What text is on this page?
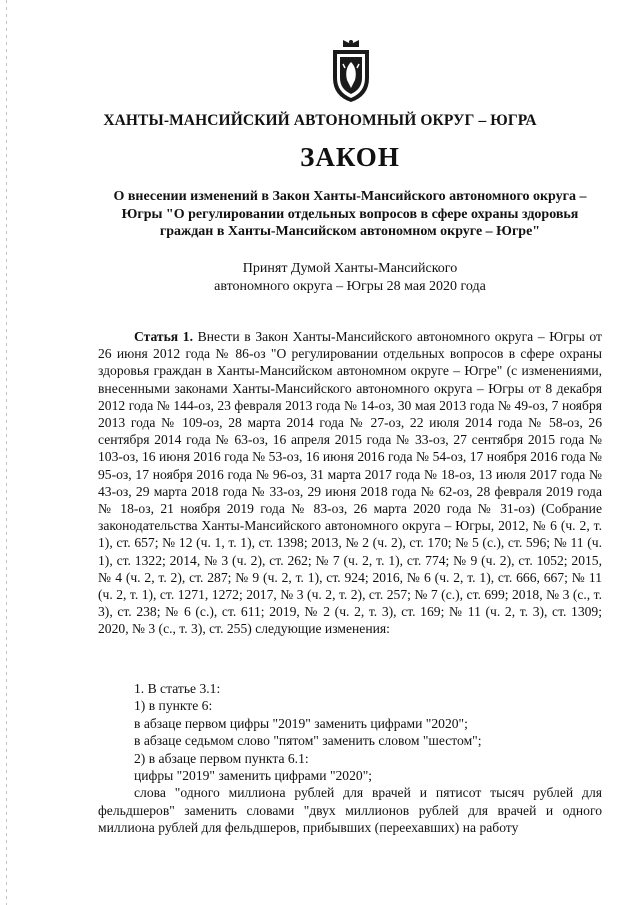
ХАНТЫ-МАНСИЙСКИЙ АВТОНОМНЫЙ ОКРУГ – ЮГРА
ЗАКОН
О внесении изменений в Закон Ханты-Мансийского автономного округа – Югры "О регулировании отдельных вопросов в сфере охраны здоровья граждан в Ханты-Мансийском автономном округе – Югре"
Принят Думой Ханты-Мансийского
автономного округа – Югры 28 мая 2020 года
Статья 1. Внести в Закон Ханты-Мансийского автономного округа – Югры от 26 июня 2012 года № 86-оз "О регулировании отдельных вопросов в сфере охраны здоровья граждан в Ханты-Мансийском автономном округе – Югре" (с изменениями, внесенными законами Ханты-Мансийского автономного округа – Югры от 8 декабря 2012 года № 144-оз, 23 февраля 2013 года № 14-оз, 30 мая 2013 года № 49-оз, 7 ноября 2013 года № 109-оз, 28 марта 2014 года № 27-оз, 22 июля 2014 года № 58-оз, 26 сентября 2014 года № 63-оз, 16 апреля 2015 года № 33-оз, 27 сентября 2015 года № 103-оз, 16 июня 2016 года № 53-оз, 16 июня 2016 года № 54-оз, 17 ноября 2016 года № 95-оз, 17 ноября 2016 года № 96-оз, 31 марта 2017 года № 18-оз, 13 июля 2017 года № 43-оз, 29 марта 2018 года № 33-оз, 29 июня 2018 года № 62-оз, 28 февраля 2019 года № 18-оз, 21 ноября 2019 года № 83-оз, 26 марта 2020 года № 31-оз) (Собрание законодательства Ханты-Мансийского автономного округа – Югры, 2012, № 6 (ч. 2, т. 1), ст. 657; № 12 (ч. 1, т. 1), ст. 1398; 2013, № 2 (ч. 2), ст. 170; № 5 (с.), ст. 596; № 11 (ч. 1), ст. 1322; 2014, № 3 (ч. 2), ст. 262; № 7 (ч. 2, т. 1), ст. 774; № 9 (ч. 2), ст. 1052; 2015, № 4 (ч. 2, т. 2), ст. 287; № 9 (ч. 2, т. 1), ст. 924; 2016, № 6 (ч. 2, т. 1), ст. 666, 667; № 11 (ч. 2, т. 1), ст. 1271, 1272; 2017, № 3 (ч. 2, т. 2), ст. 257; № 7 (с.), ст. 699; 2018, № 3 (с., т. 3), ст. 238; № 6 (с.), ст. 611; 2019, № 2 (ч. 2, т. 3), ст. 169; № 11 (ч. 2, т. 3), ст. 1309; 2020, № 3 (с., т. 3), ст. 255) следующие изменения:
1. В статье 3.1:
1) в пункте 6:
в абзаце первом цифры "2019" заменить цифрами "2020";
в абзаце седьмом слово "пятом" заменить словом "шестом";
2) в абзаце первом пункта 6.1:
цифры "2019" заменить цифрами "2020";
слова "одного миллиона рублей для врачей и пятисот тысяч рублей для фельдшеров" заменить словами "двух миллионов рублей для врачей и одного миллиона рублей для фельдшеров, прибывших (переехавших) на работу
